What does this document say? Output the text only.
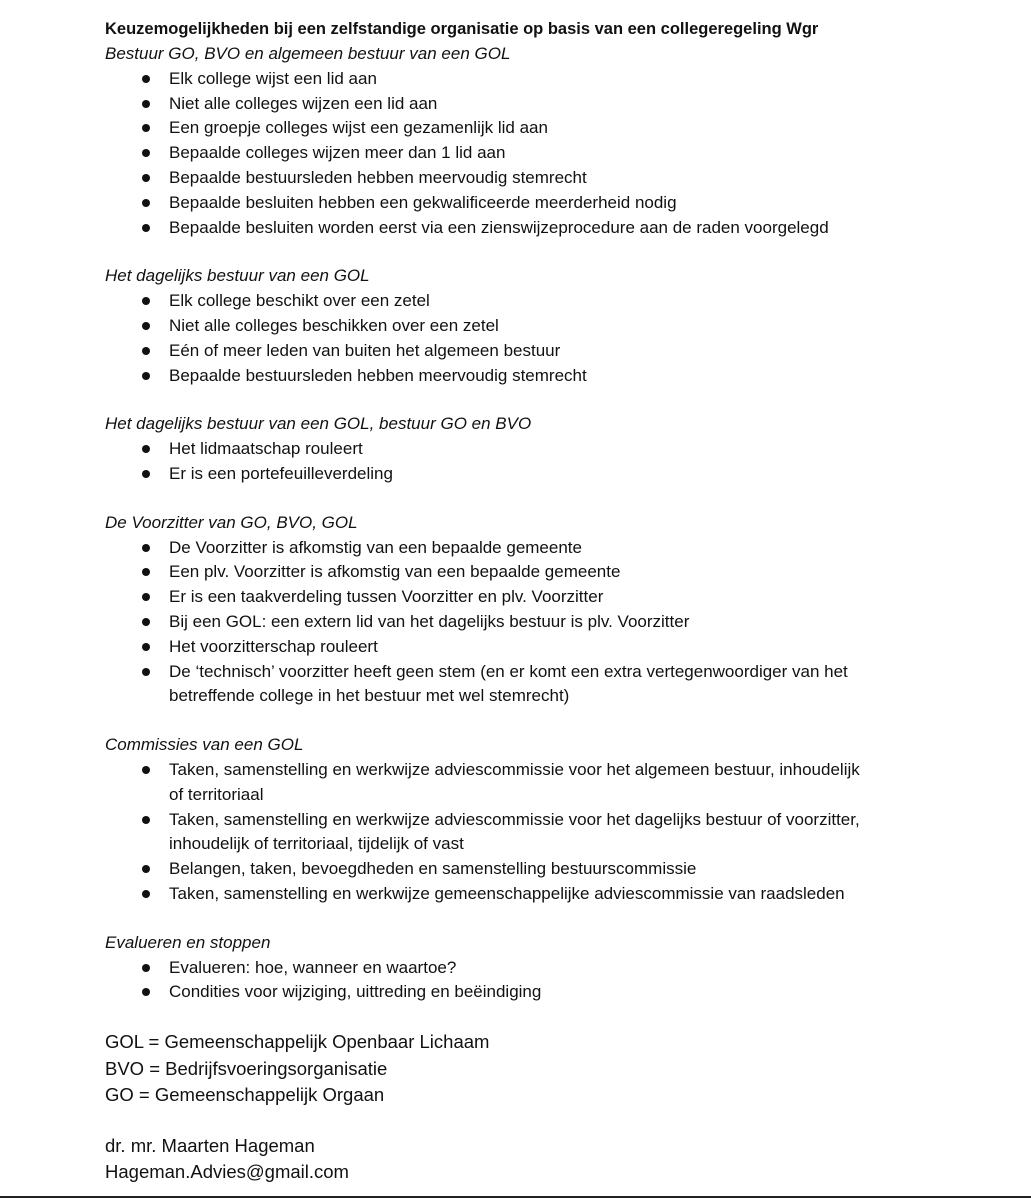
Keuzemogelijkheden bij een zelfstandige organisatie op basis van een collegeregeling Wgr

Bestuur GO, BVO en algemeen bestuur van een GOL

Elk college wijst een lid aan
Niet alle colleges wijzen een lid aan
Een groepje colleges wijst een gezamenlijk lid aan
Bepaalde colleges wijzen meer dan 1 lid aan
Bepaalde bestuursleden hebben meervoudig stemrecht
Bepaalde besluiten hebben een gekwalificeerde meerderheid nodig
Bepaalde besluiten worden eerst via een zienswijzeprocedure aan de raden voorgelegd

Het dagelijks bestuur van een GOL

Elk college beschikt over een zetel
Niet alle colleges beschikken over een zetel
Eén of meer leden van buiten het algemeen bestuur
Bepaalde bestuursleden hebben meervoudig stemrecht

Het dagelijks bestuur van een GOL, bestuur GO en BVO

Het lidmaatschap rouleert
Er is een portefeuilleverdeling

De Voorzitter van GO, BVO, GOL

De Voorzitter is afkomstig van een bepaalde gemeente
Een plv. Voorzitter is afkomstig van een bepaalde gemeente
Er is een taakverdeling tussen Voorzitter en plv. Voorzitter
Bij een GOL: een extern lid van het dagelijks bestuur is plv. Voorzitter
Het voorzitterschap rouleert
De ‘technisch’ voorzitter heeft geen stem (en er komt een extra vertegenwoordiger van het
betreffende college in het bestuur met wel stemrecht)

Commissies van een GOL

Taken, samenstelling en werkwijze adviescommissie voor het algemeen bestuur, inhoudelijk
of territoriaal
Taken, samenstelling en werkwijze adviescommissie voor het dagelijks bestuur of voorzitter,
inhoudelijk of territoriaal, tijdelijk of vast
Belangen, taken, bevoegdheden en samenstelling bestuurscommissie
Taken, samenstelling en werkwijze gemeenschappelijke adviescommissie van raadsleden

Evalueren en stoppen

Evalueren: hoe, wanneer en waartoe?
Condities voor wijziging, uittreding en beëindiging
GOL = Gemeenschappelijk Openbaar Lichaam
BVO = Bedrijfsvoeringsorganisatie
GO = Gemeenschappelijk Orgaan
dr. mr. Maarten Hageman
Hageman.Advies@gmail.com
